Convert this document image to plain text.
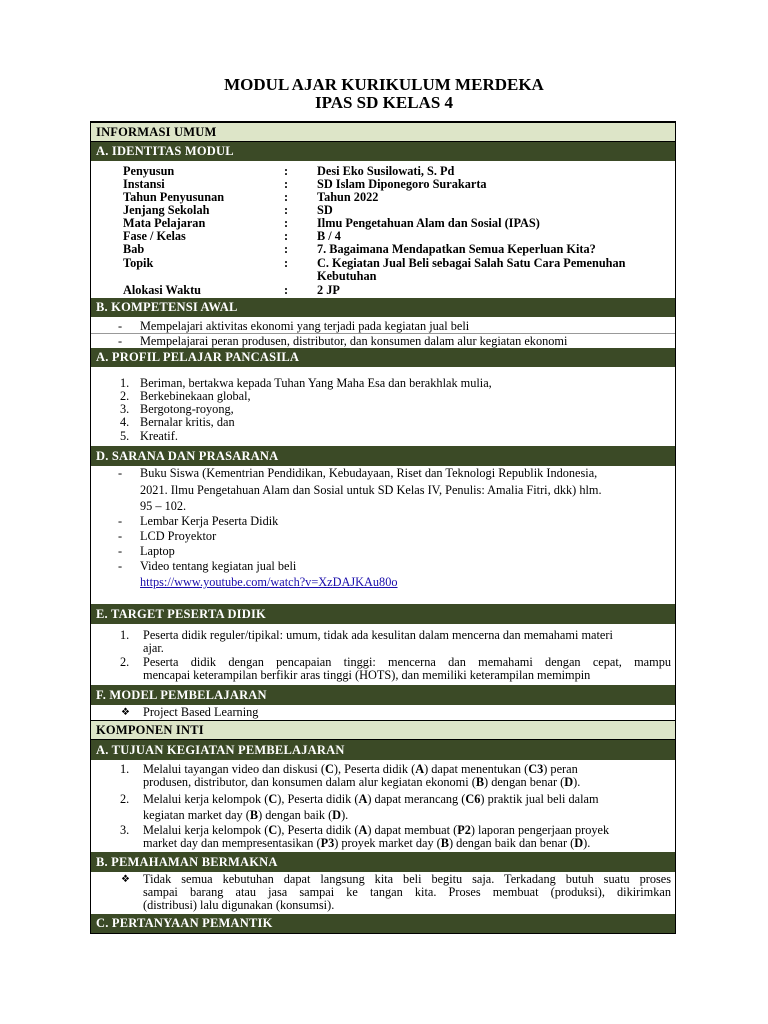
MODUL AJAR KURIKULUM MERDEKA
IPAS SD KELAS 4
INFORMASI UMUM
A. IDENTITAS MODUL
Penyusun	: Desi Eko Susilowati, S. Pd
Instansi	: SD Islam Diponegoro Surakarta
Tahun Penyusunan	: Tahun 2022
Jenjang Sekolah	: SD
Mata Pelajaran	: Ilmu Pengetahuan Alam dan Sosial (IPAS)
Fase / Kelas	: B / 4
Bab	: 7. Bagaimana Mendapatkan Semua Keperluan Kita?
Topik	: C. Kegiatan Jual Beli sebagai Salah Satu Cara Pemenuhan
Kebutuhan
Alokasi Waktu	: 2 JP
B. KOMPETENSI AWAL
- Mempelajari aktivitas ekonomi yang terjadi pada kegiatan jual beli
- Mempelajarai peran produsen, distributor, dan konsumen dalam alur kegiatan ekonomi
A. PROFIL PELAJAR PANCASILA
1. Beriman, bertakwa kepada Tuhan Yang Maha Esa dan berakhlak mulia,
2. Berkebinekaan global,
3. Bergotong-royong,
4. Bernalar kritis, dan
5. Kreatif.
D. SARANA DAN PRASARANA
- Buku Siswa (Kementrian Pendidikan, Kebudayaan, Riset dan Teknologi Republik Indonesia,
2021. Ilmu Pengetahuan Alam dan Sosial untuk SD Kelas IV, Penulis: Amalia Fitri, dkk) hlm.
95 – 102.
- Lembar Kerja Peserta Didik
- LCD Proyektor
- Laptop
- Video tentang kegiatan jual beli
https://www.youtube.com/watch?v=XzDAJKAu80o
E. TARGET PESERTA DIDIK
1. Peserta didik reguler/tipikal: umum, tidak ada kesulitan dalam mencerna dan memahami materi
ajar.
2. Peserta didik dengan pencapaian tinggi: mencerna dan memahami dengan cepat, mampu
mencapai keterampilan berfikir aras tinggi (HOTS), dan memiliki keterampilan memimpin
F. MODEL PEMBELAJARAN
❖ Project Based Learning
KOMPONEN INTI
A. TUJUAN KEGIATAN PEMBELAJARAN
1. Melalui tayangan video dan diskusi (C), Peserta didik (A) dapat menentukan (C3) peran
produsen, distributor, dan konsumen dalam alur kegiatan ekonomi (B) dengan benar (D).
2. Melalui kerja kelompok (C), Peserta didik (A) dapat merancang (C6) praktik jual beli dalam
kegiatan market day (B) dengan baik (D).
3. Melalui kerja kelompok (C), Peserta didik (A) dapat membuat (P2) laporan pengerjaan proyek
market day dan mempresentasikan (P3) proyek market day (B) dengan baik dan benar (D).
B. PEMAHAMAN BERMAKNA
❖ Tidak semua kebutuhan dapat langsung kita beli begitu saja. Terkadang butuh suatu proses
sampai barang atau jasa sampai ke tangan kita. Proses membuat (produksi), dikirimkan
(distribusi) lalu digunakan (konsumsi).
C. PERTANYAAN PEMANTIK
